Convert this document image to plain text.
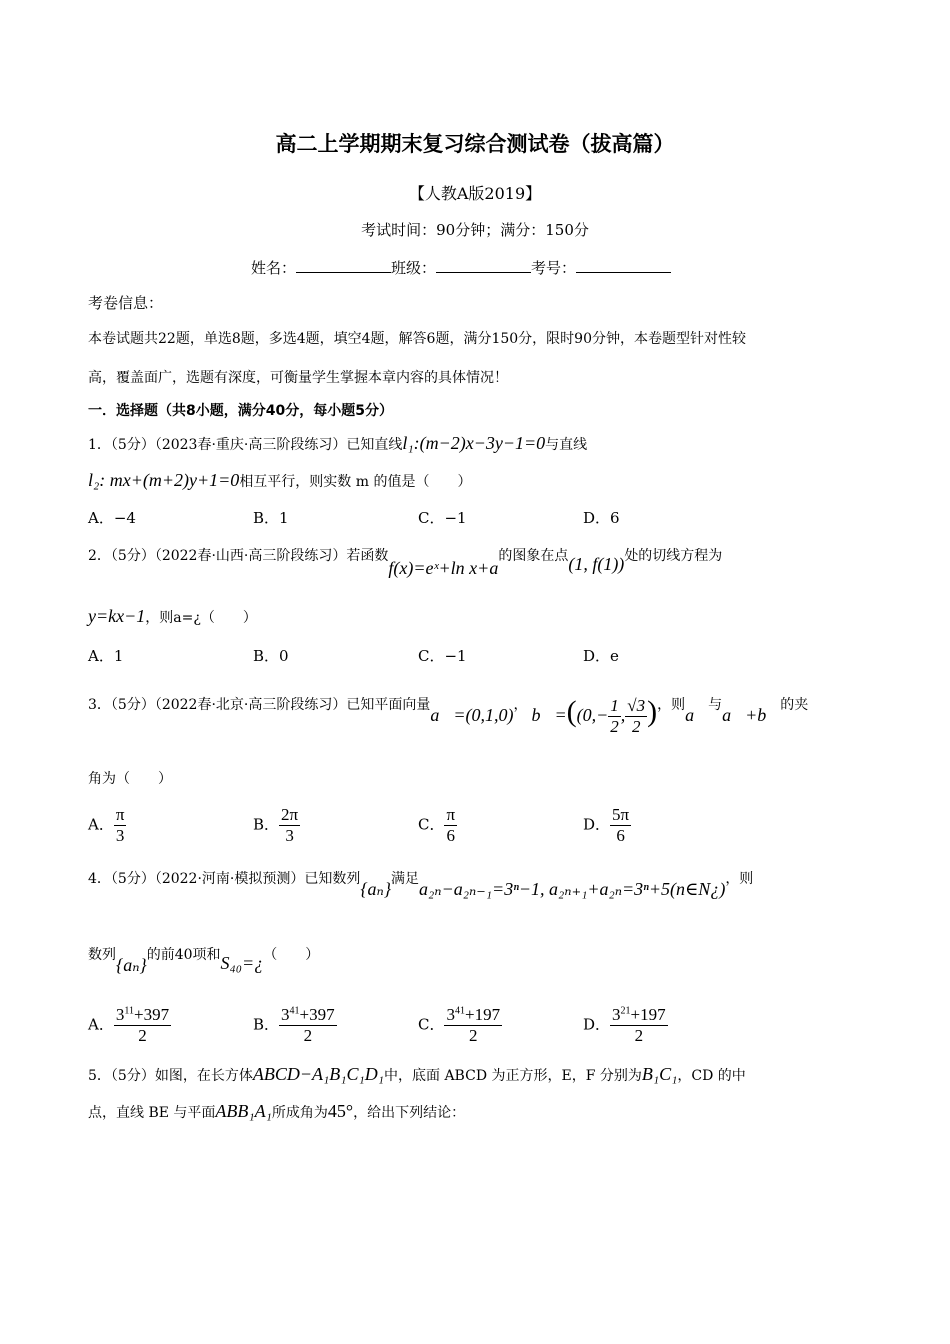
高二上学期期末复习综合测试卷（拔高篇）
【人教A版2019】
考试时间：90分钟；满分：150分
姓名：	班级：	考号：
考卷信息：
本卷试题共22题，单选8题，多选4题，填空4题，解答6题，满分150分，限时90分钟，本卷题型针对性较
高，覆盖面广，选题有深度，可衡量学生掌握本章内容的具体情况！
一．选择题（共8小题，满分40分，每小题5分）
1．（5分）（2023春·重庆·高三阶段练习）已知直线l₁:(m−2)x−3y−1=0与直线
l₂: mx+(m+2)y+1=0相互平行，则实数 m 的值是（　　）
A．−4	B．1	C．−1	D．6
2．（5分）（2022春·山西·高三阶段练习）若函数f(x)=eˣ+ln x+a的图象在点(1, f(1))处的切线方程为
y=kx−1，则a=¿（　　）
A．1	B．0	C．−1	D．e
3．（5分）（2022春·北京·高三阶段练习）已知平面向量a⃗=(0,1,0)， b⃗=((0,− $\frac{1}{2}$ , $\frac{√3}{2}$ )，则a⃗与a⃗+b⃗的夹
角为（　　）
A． $\frac{\pi}{3}$	B． $\frac{2\pi}{3}$	C． $\frac{\pi}{6}$	D． $\frac{5\pi}{6}$
4．（5分）（2022·河南·模拟预测）已知数列{aₙ}满足a₂ₙ−a₂ₙ₋₁=3ⁿ−1, a₂ₙ₊₁+a₂ₙ=3ⁿ+5(n∈N¿)，则
数列{aₙ}的前40项和S₄₀=¿（　　）
A． $\frac{3^{11}+397}{2}$	B． $\frac{3^{41}+397}{2}$	C． $\frac{3^{41}+197}{2}$	D． $\frac{3^{21}+197}{2}$
5．（5分）如图，在长方体ABCD−A₁B₁C₁D₁中，底面 ABCD 为正方形，E，F 分别为B₁C₁，CD 的中
点，直线 BE 与平面ABB₁A₁所成角为45°，给出下列结论：
